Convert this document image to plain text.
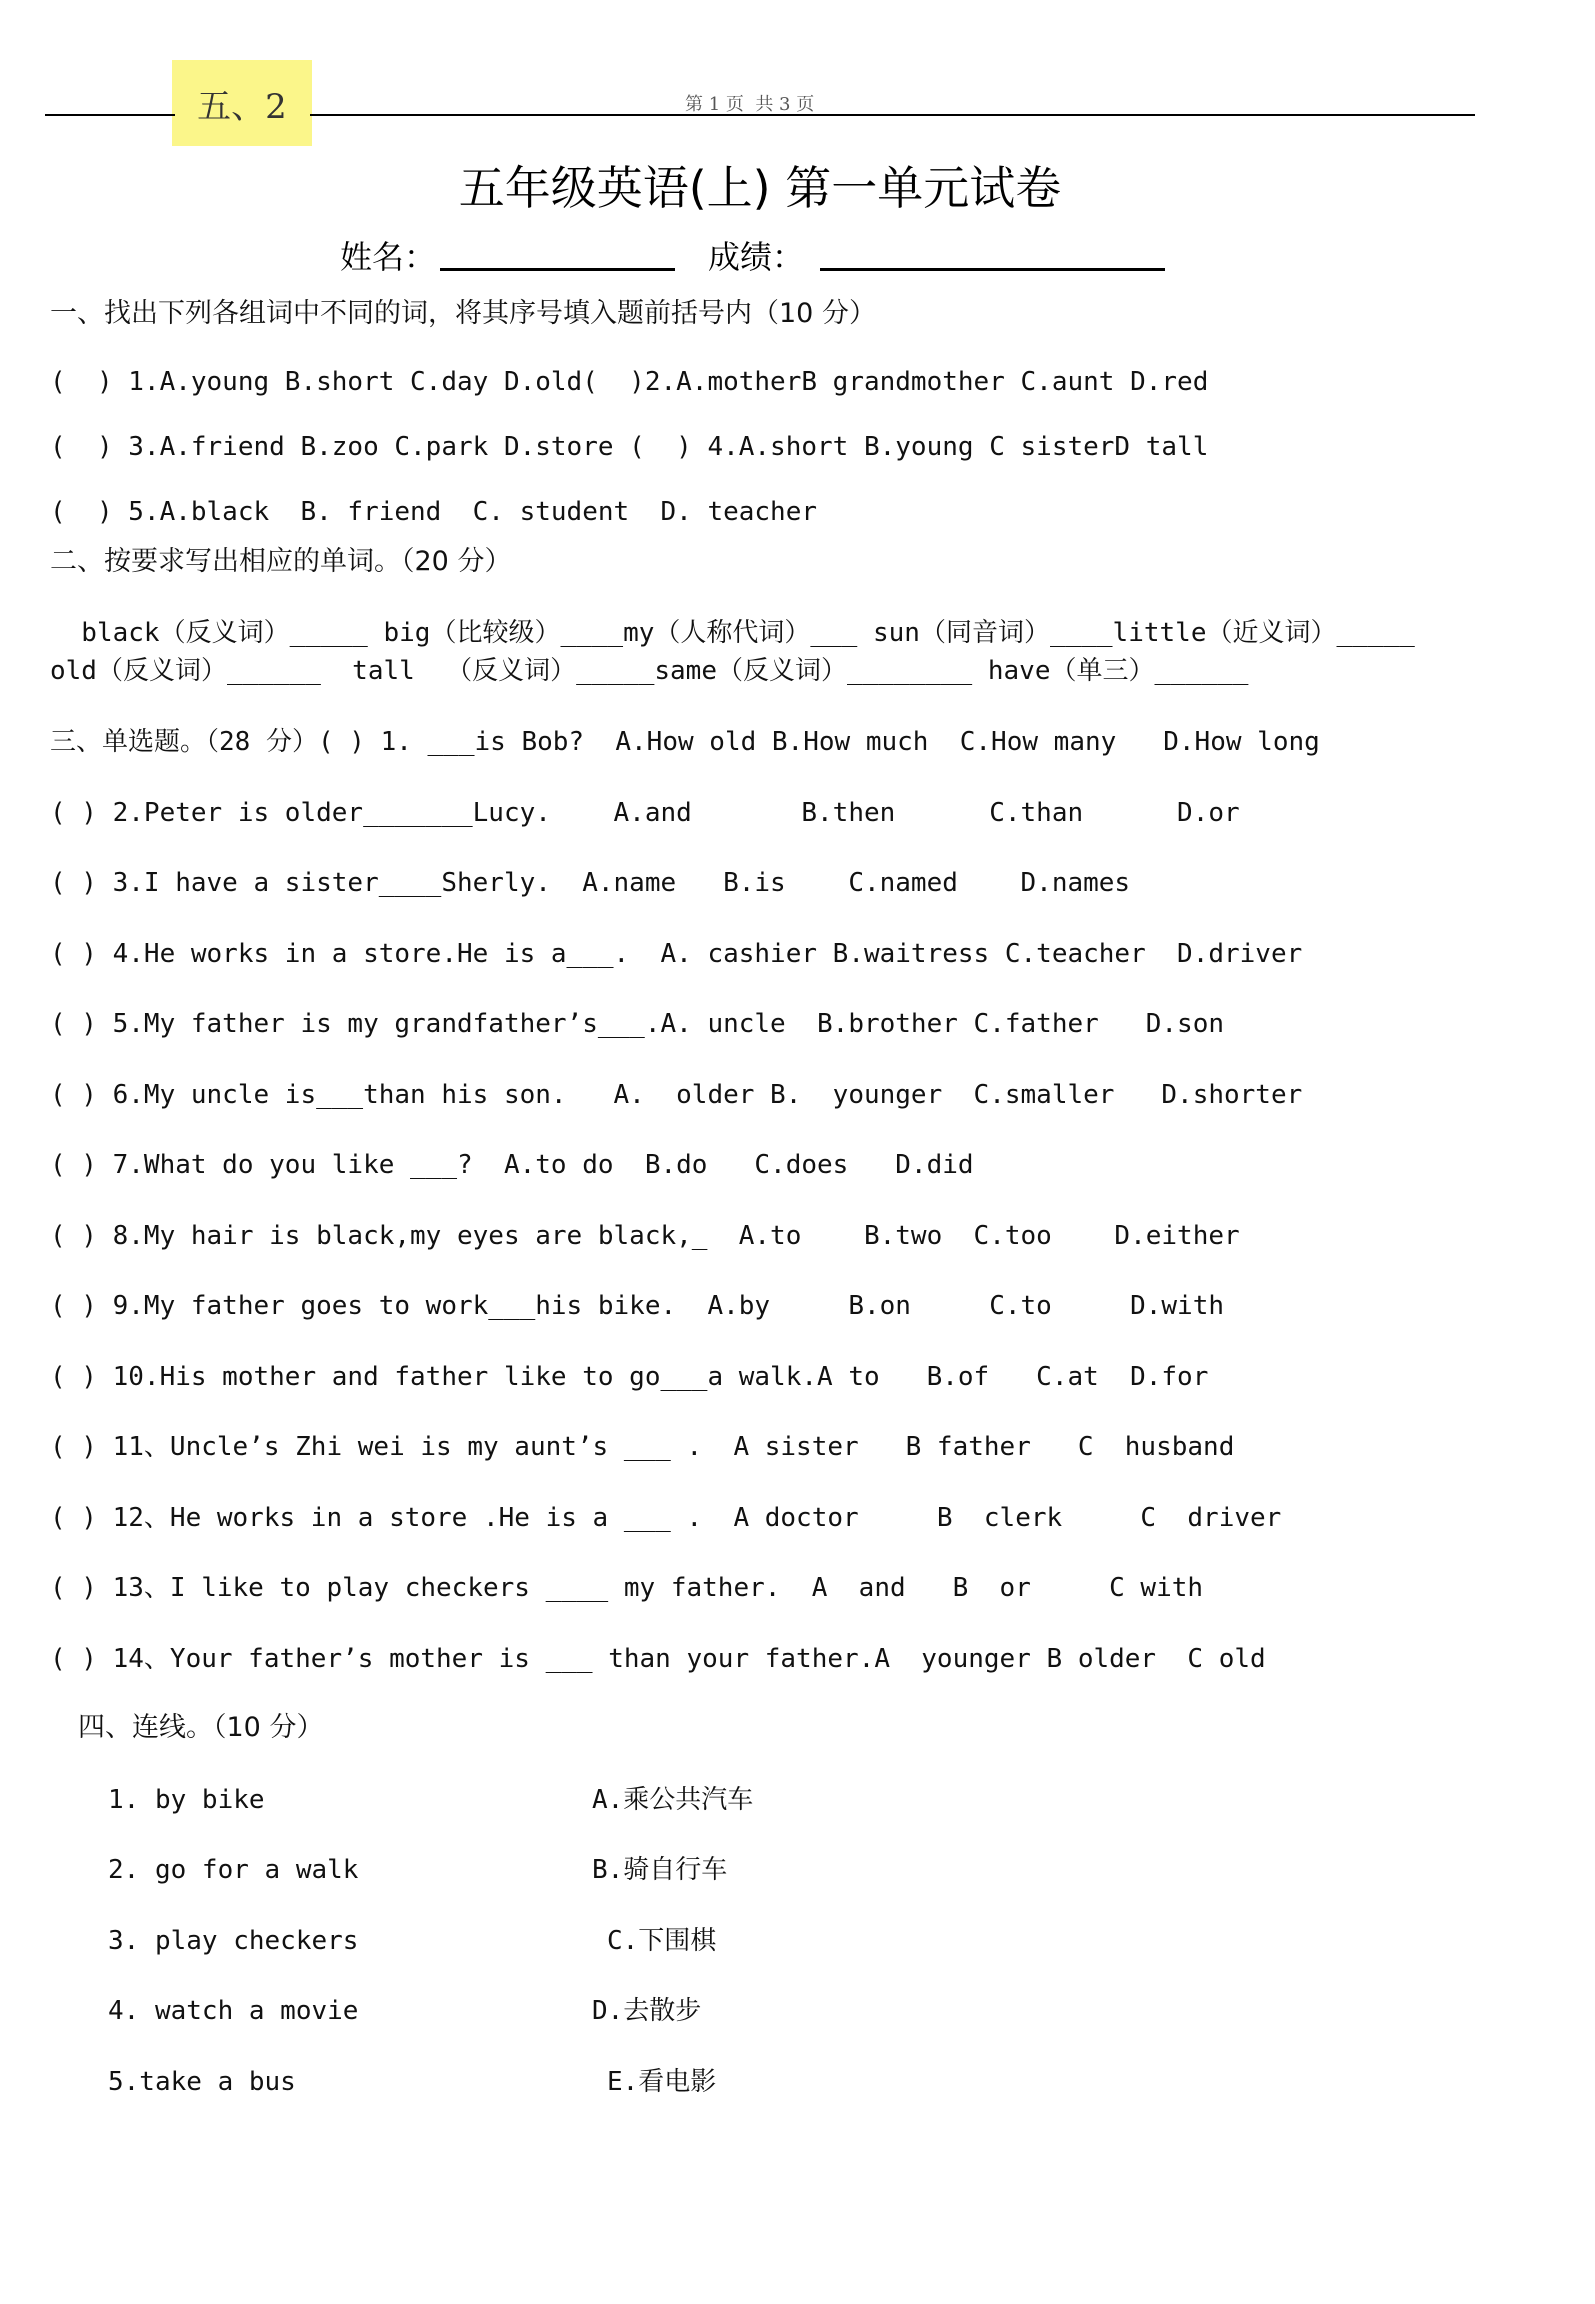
五、2	第 1 页  共 3 页
五年级英语(上) 第一单元试卷
姓名：	成绩：
一、找出下列各组词中不同的词，将其序号填入题前括号内（10 分）
(  ) 1.A.young B.short C.day D.old(  )2.A.motherB grandmother C.aunt D.red
(  ) 3.A.friend B.zoo C.park D.store (  ) 4.A.short B.young C sisterD tall
(  ) 5.A.black  B. friend  C. student  D. teacher
二、按要求写出相应的单词。（20 分）
black（反义词）_____ big（比较级）____my（人称代词）___ sun（同音词）____little（近义词）_____
old（反义词）______  tall  （反义词）_____same（反义词）________ have（单三）______
三、单选题。（28 分）( ) 1. ___is Bob?  A.How old B.How much  C.How many   D.How long
( ) 2.Peter is older_______Lucy.    A.and       B.then      C.than      D.or
( ) 3.I have a sister____Sherly.  A.name   B.is    C.named    D.names
( ) 4.He works in a store.He is a___.  A. cashier B.waitress C.teacher  D.driver
( ) 5.My father is my grandfather’s___.A. uncle  B.brother C.father   D.son
( ) 6.My uncle is___than his son.   A.  older B.  younger  C.smaller   D.shorter
( ) 7.What do you like ___?  A.to do  B.do   C.does   D.did
( ) 8.My hair is black,my eyes are black,_  A.to    B.two  C.too    D.either
( ) 9.My father goes to work___his bike.  A.by     B.on     C.to     D.with
( ) 10.His mother and father like to go___a walk.A to   B.of   C.at  D.for
( ) 11、Uncle’s Zhi wei is my aunt’s ___ .  A sister   B father   C  husband
( ) 12、He works in a store .He is a ___ .  A doctor     B  clerk     C  driver
( ) 13、I like to play checkers ____ my father.  A  and   B  or     C with
( ) 14、Your father’s mother is ___ than your father.A  younger B older  C old
四、连线。（10 分）
1. by bike
2. go for a walk
3. play checkers
4. watch a movie
5.take a bus
A.乘公共汽车
B.骑自行车
C.下围棋
D.去散步
E.看电影
